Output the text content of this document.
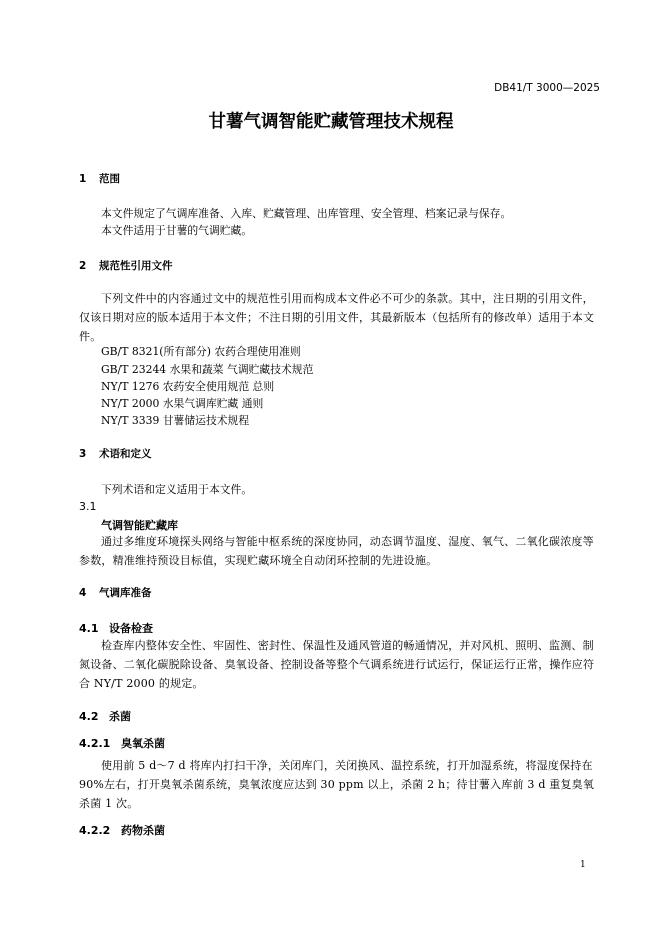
DB41/T 3000—2025
甘薯气调智能贮藏管理技术规程
1 范围
本文件规定了气调库准备、入库、贮藏管理、出库管理、安全管理、档案记录与保存。
本文件适用于甘薯的气调贮藏。
2 规范性引用文件
下列文件中的内容通过文中的规范性引用而构成本文件必不可少的条款。其中，注日期的引用文件，仅该日期对应的版本适用于本文件；不注日期的引用文件，其最新版本（包括所有的修改单）适用于本文件。
GB/T 8321(所有部分) 农药合理使用准则
GB/T 23244 水果和蔬菜 气调贮藏技术规范
NY/T 1276 农药安全使用规范 总则
NY/T 2000 水果气调库贮藏 通则
NY/T 3339 甘薯储运技术规程
3 术语和定义
下列术语和定义适用于本文件。
3.1
气调智能贮藏库
通过多维度环境探头网络与智能中枢系统的深度协同，动态调节温度、湿度、氧气、二氧化碳浓度等参数，精准维持预设目标值，实现贮藏环境全自动闭环控制的先进设施。
4 气调库准备
4.1 设备检查
检查库内整体安全性、牢固性、密封性、保温性及通风管道的畅通情况，并对风机、照明、监测、制氮设备、二氧化碳脱除设备、臭氧设备、控制设备等整个气调系统进行试运行，保证运行正常，操作应符合 NY/T 2000 的规定。
4.2 杀菌
4.2.1 臭氧杀菌
使用前 5 d～7 d 将库内打扫干净，关闭库门，关闭换风、温控系统，打开加湿系统，将湿度保持在 90%左右，打开臭氧杀菌系统，臭氧浓度应达到 30 ppm 以上，杀菌 2 h；待甘薯入库前 3 d 重复臭氧杀菌 1 次。
4.2.2 药物杀菌
1
